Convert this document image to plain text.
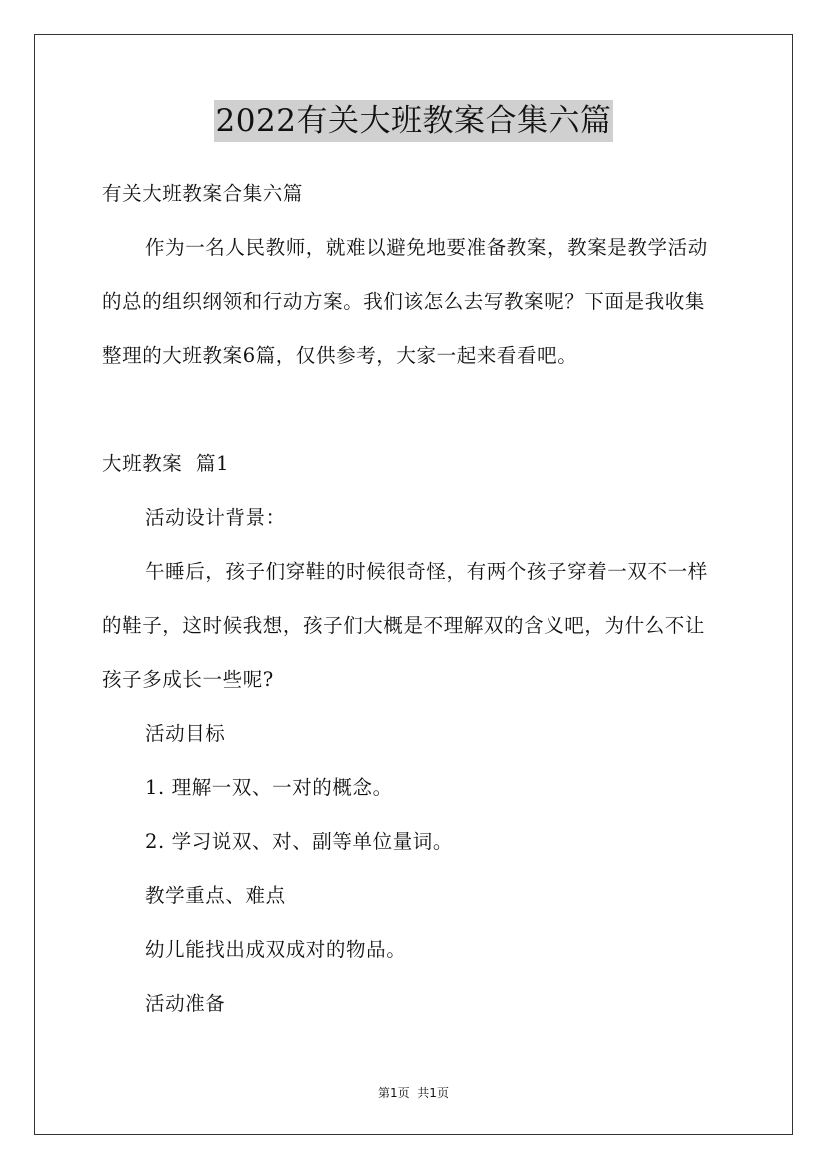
2022有关大班教案合集六篇
有关大班教案合集六篇
作为一名人民教师，就难以避免地要准备教案，教案是教学活动
的总的组织纲领和行动方案。我们该怎么去写教案呢？下面是我收集
整理的大班教案6篇，仅供参考，大家一起来看看吧。
大班教案  篇1
活动设计背景：
午睡后，孩子们穿鞋的时候很奇怪，有两个孩子穿着一双不一样
的鞋子，这时候我想，孩子们大概是不理解双的含义吧，为什么不让
孩子多成长一些呢?
活动目标
1. 理解一双、一对的概念。
2. 学习说双、对、副等单位量词。
教学重点、难点
幼儿能找出成双成对的物品。
活动准备
第1页  共1页
